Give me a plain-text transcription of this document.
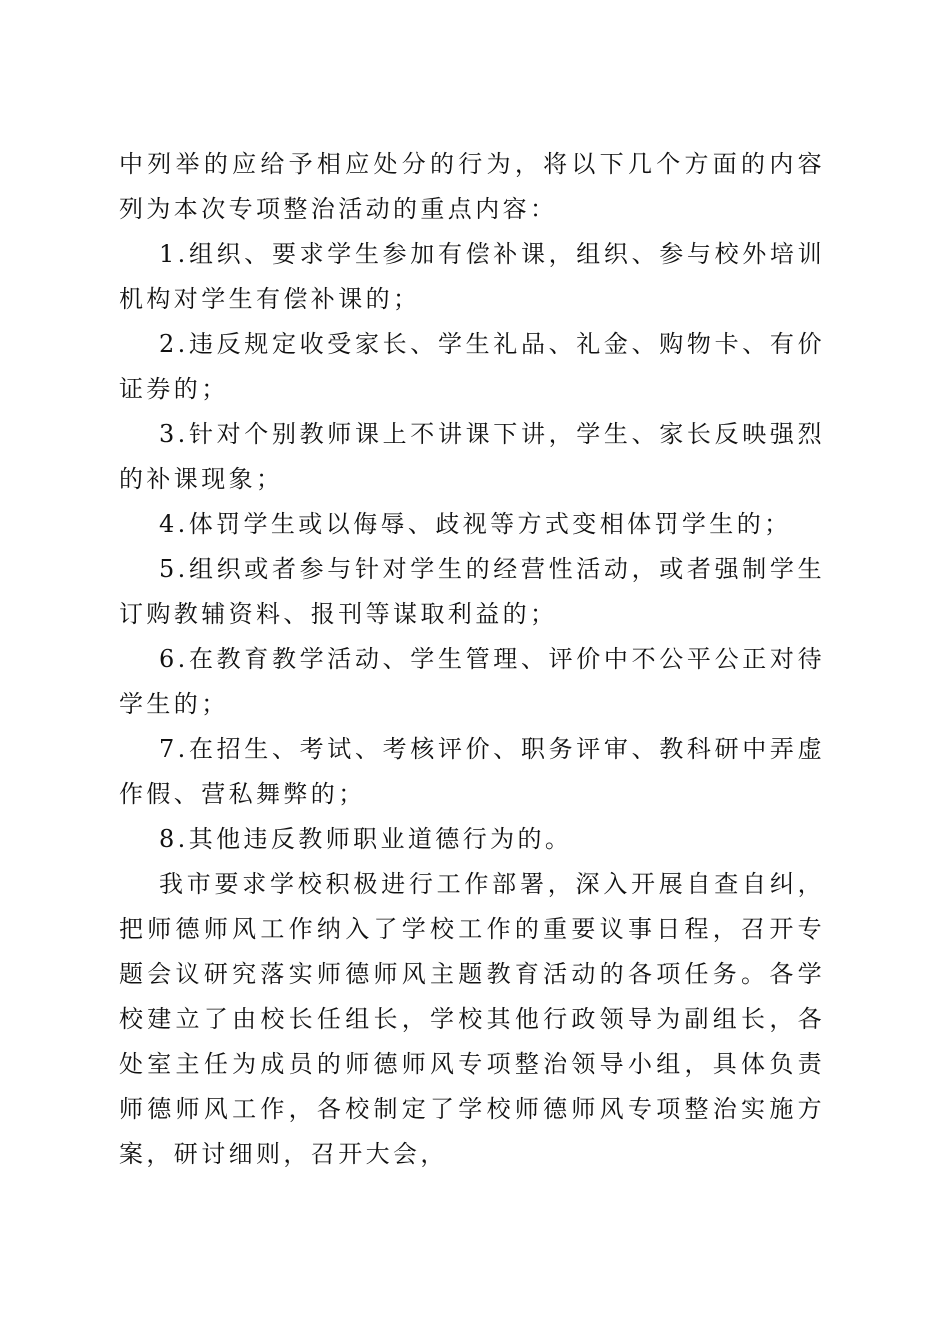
中列举的应给予相应处分的行为，将以下几个方面的内容列为本次专项整治活动的重点内容：

1.组织、要求学生参加有偿补课，组织、参与校外培训机构对学生有偿补课的；

2.违反规定收受家长、学生礼品、礼金、购物卡、有价证券的；

3.针对个别教师课上不讲课下讲，学生、家长反映强烈的补课现象；

4.体罚学生或以侮辱、歧视等方式变相体罚学生的；

5.组织或者参与针对学生的经营性活动，或者强制学生订购教辅资料、报刊等谋取利益的；

6.在教育教学活动、学生管理、评价中不公平公正对待学生的；

7.在招生、考试、考核评价、职务评审、教科研中弄虚作假、营私舞弊的；

8.其他违反教师职业道德行为的。

我市要求学校积极进行工作部署，深入开展自查自纠，把师德师风工作纳入了学校工作的重要议事日程，召开专题会议研究落实师德师风主题教育活动的各项任务。各学校建立了由校长任组长，学校其他行政领导为副组长，各处室主任为成员的师德师风专项整治领导小组，具体负责师德师风工作，各校制定了学校师德师风专项整治实施方案，研讨细则，召开大会，
